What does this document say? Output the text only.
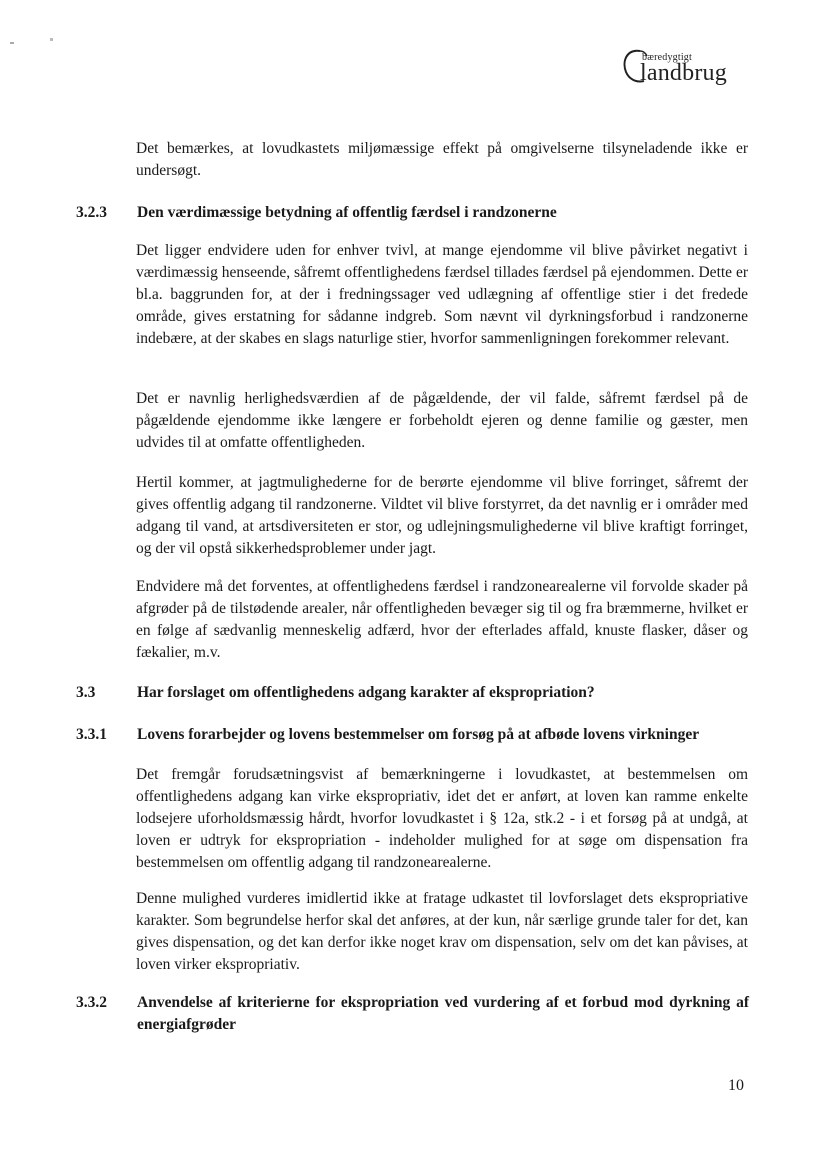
bæredygtigt
landbrug
Det bemærkes, at lovudkastets miljømæssige effekt på omgivelserne tilsyneladende ikke er undersøgt.
3.2.3 Den værdimæssige betydning af offentlig færdsel i randzonerne
Det ligger endvidere uden for enhver tvivl, at mange ejendomme vil blive påvirket negativt i værdimæssig henseende, såfremt offentlighedens færdsel tillades færdsel på ejendommen. Dette er bl.a. baggrunden for, at der i fredningssager ved udlægning af offentlige stier i det fredede område, gives erstatning for sådanne indgreb. Som nævnt vil dyrkningsforbud i randzonerne indebære, at der skabes en slags naturlige stier, hvorfor sammenligningen forekommer relevant.
Det er navnlig herlighedsværdien af de pågældende, der vil falde, såfremt færdsel på de pågældende ejendomme ikke længere er forbeholdt ejeren og denne familie og gæster, men udvides til at omfatte offentligheden.
Hertil kommer, at jagtmulighederne for de berørte ejendomme vil blive forringet, såfremt der gives offentlig adgang til randzonerne. Vildtet vil blive forstyrret, da det navnlig er i områder med adgang til vand, at artsdiversiteten er stor, og udlejningsmulighederne vil blive kraftigt forringet, og der vil opstå sikkerhedsproblemer under jagt.
Endvidere må det forventes, at offentlighedens færdsel i randzonearealerne vil forvolde skader på afgrøder på de tilstødende arealer, når offentligheden bevæger sig til og fra bræmmerne, hvilket er en følge af sædvanlig menneskelig adfærd, hvor der efterlades affald, knuste flasker, dåser og fækalier, m.v.
3.3	Har forslaget om offentlighedens adgang karakter af ekspropriation?
3.3.1 Lovens forarbejder og lovens bestemmelser om forsøg på at afbøde lovens virkninger
Det fremgår forudsætningsvist af bemærkningerne i lovudkastet, at bestemmelsen om offentlighedens adgang kan virke ekspropriativ, idet det er anført, at loven kan ramme enkelte lodsejere uforholdsmæssig hårdt, hvorfor lovudkastet i § 12a, stk.2 - i et forsøg på at undgå, at loven er udtryk for ekspropriation - indeholder mulighed for at søge om dispensation fra bestemmelsen om offentlig adgang til randzonearealerne.
Denne mulighed vurderes imidlertid ikke at fratage udkastet til lovforslaget dets ekspropriative karakter. Som begrundelse herfor skal det anføres, at der kun, når særlige grunde taler for det, kan gives dispensation, og det kan derfor ikke noget krav om dispensation, selv om det kan påvises, at loven virker ekspropriativ.
3.3.2 Anvendelse af kriterierne for ekspropriation ved vurdering af et forbud mod dyrkning af energiafgrøder
10
